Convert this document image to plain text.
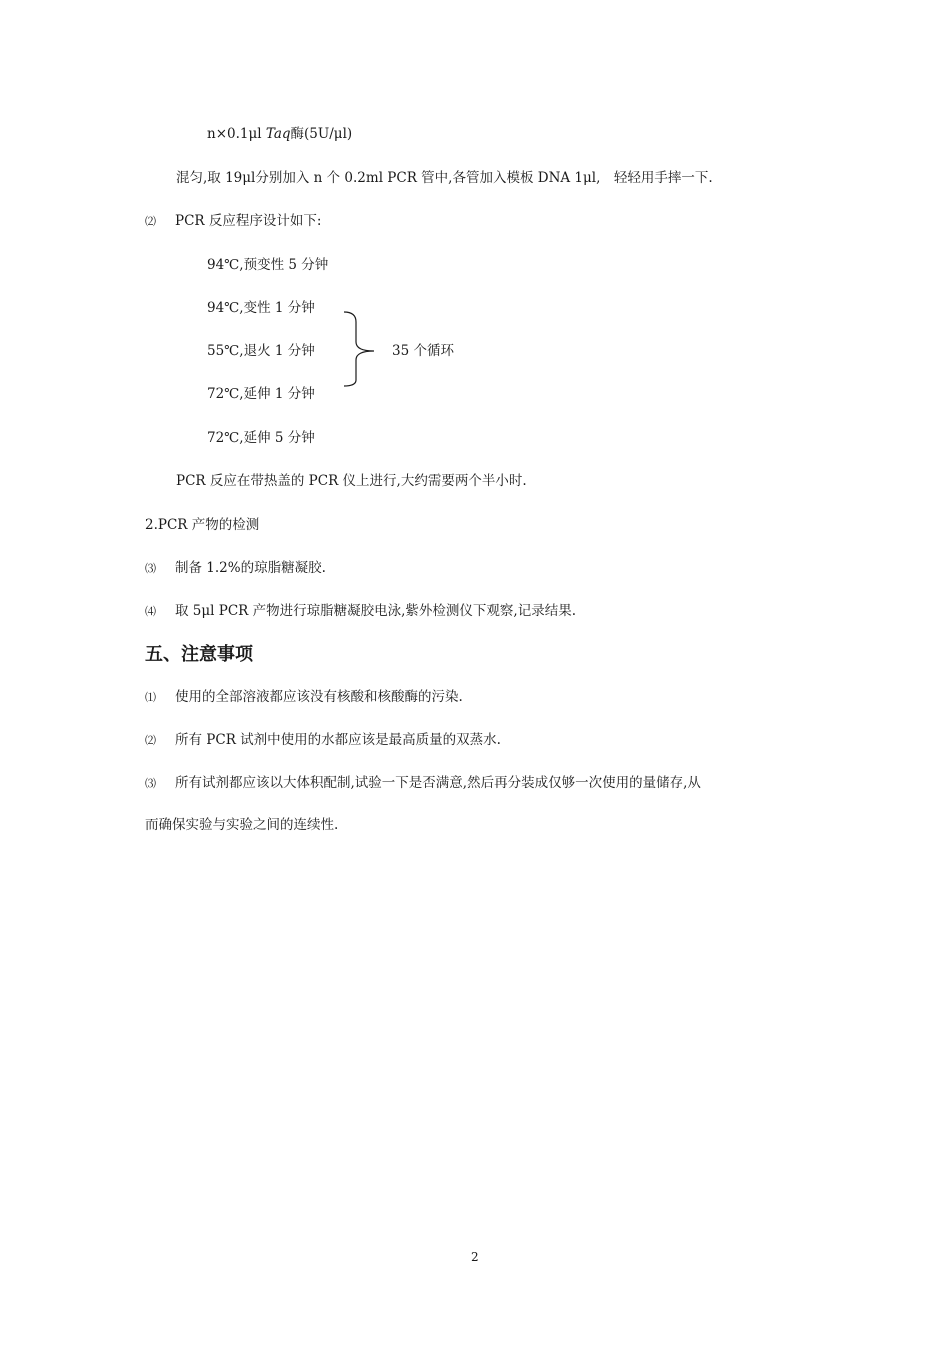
n×0.1μl Taq酶(5U/μl)
混匀,取 19μl分别加入 n 个 0.2ml PCR 管中,各管加入模板 DNA 1μl,　轻轻用手摔一下.
⑵ PCR 反应程序设计如下:
94℃,预变性 5 分钟
94℃,变性 1 分钟
55℃,退火 1 分钟
72℃,延伸 1 分钟
72℃,延伸 5 分钟
35 个循环
PCR 反应在带热盖的 PCR 仪上进行,大约需要两个半小时.
2.PCR 产物的检测
⑶ 制备 1.2%的琼脂糖凝胶.
⑷ 取 5μl PCR 产物进行琼脂糖凝胶电泳,紫外检测仪下观察,记录结果.
五、注意事项
⑴ 使用的全部溶液都应该没有核酸和核酸酶的污染.
⑵ 所有 PCR 试剂中使用的水都应该是最高质量的双蒸水.
⑶ 所有试剂都应该以大体积配制,试验一下是否满意,然后再分装成仅够一次使用的量储存,从
而确保实验与实验之间的连续性.
2
